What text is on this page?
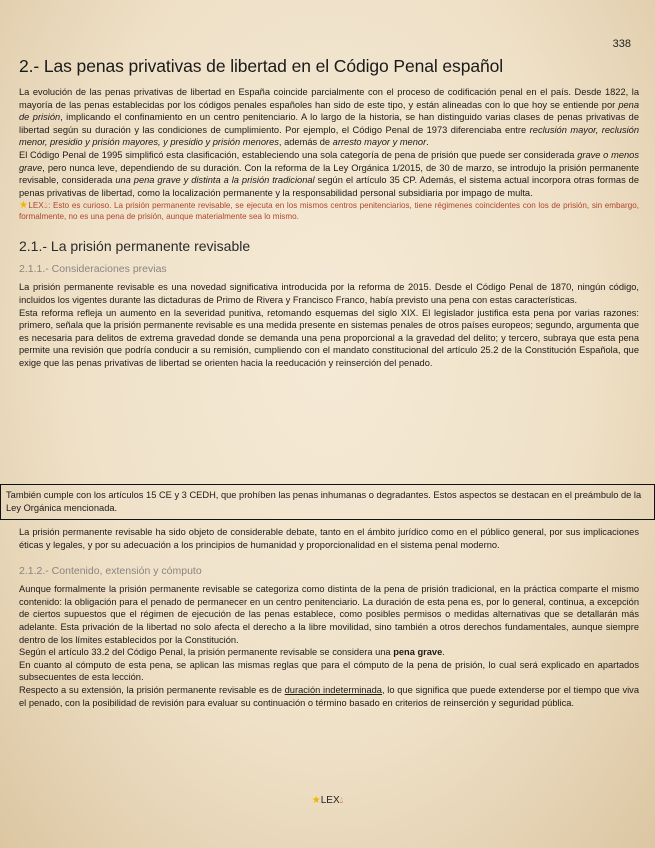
338
2.- Las penas privativas de libertad en el Código Penal español

La evolución de las penas privativas de libertad en España coincide parcialmente con el proceso de codificación penal en el país. Desde 1822, la mayoría de las penas establecidas por los códigos penales españoles han sido de este tipo, y están alineadas con lo que hoy se entiende por pena de prisión, implicando el confinamiento en un centro penitenciario. A lo largo de la historia, se han distinguido varias clases de penas privativas de libertad según su duración y las condiciones de cumplimiento. Por ejemplo, el Código Penal de 1973 diferenciaba entre reclusión mayor, reclusión menor, presidio y prisión mayores, y presidio y prisión menores, además de arresto mayor y menor.

El Código Penal de 1995 simplificó esta clasificación, estableciendo una sola categoría de pena de prisión que puede ser considerada grave o menos grave, pero nunca leve, dependiendo de su duración. Con la reforma de la Ley Orgánica 1/2015, de 30 de marzo, se introdujo la prisión permanente revisable, considerada una pena grave y distinta a la prisión tradicional según el artículo 35 CP. Además, el sistema actual incorpora otras formas de penas privativas de libertad, como la localización permanente y la responsabilidad personal subsidiaria por impago de multa.

★LEX💧︎: Esto es curioso. La prisión permanente revisable, se ejecuta en los mismos centros penitenciarios, tiene régimenes coincidentes con los de prisión, sin embargo, formalmente, no es una pena de prisión, aunque materialmente sea lo mismo.

2.1.- La prisión permanente revisable
2.1.1.- Consideraciones previas

La prisión permanente revisable es una novedad significativa introducida por la reforma de 2015. Desde el Código Penal de 1870, ningún código, incluidos los vigentes durante las dictaduras de Primo de Rivera y Francisco Franco, había previsto una pena con estas características.

Esta reforma refleja un aumento en la severidad punitiva, retomando esquemas del siglo XIX. El legislador justifica esta pena por varias razones: primero, señala que la prisión permanente revisable es una medida presente en sistemas penales de otros países europeos; segundo, argumenta que es necesaria para delitos de extrema gravedad donde se demanda una pena proporcional a la gravedad del delito; y tercero, subraya que esta pena permite una revisión que podría conducir a su remisión, cumpliendo con el mandato constitucional del artículo 25.2 de la Constitución Española, que exige que las penas privativas de libertad se orienten hacia la reeducación y reinserción del penado.

También cumple con los artículos 15 CE y 3 CEDH, que prohíben las penas inhumanas o degradantes. Estos aspectos se destacan en el preámbulo de la Ley Orgánica mencionada.

La prisión permanente revisable ha sido objeto de considerable debate, tanto en el ámbito jurídico como en el público general, por sus implicaciones éticas y legales, y por su adecuación a los principios de humanidad y proporcionalidad en el sistema penal moderno.

2.1.2.- Contenido, extensión y cómputo

Aunque formalmente la prisión permanente revisable se categoriza como distinta de la pena de prisión tradicional, en la práctica comparte el mismo contenido: la obligación para el penado de permanecer en un centro penitenciario. La duración de esta pena es, por lo general, continua, a excepción de ciertos supuestos que el régimen de ejecución de las penas establece, como posibles permisos o medidas alternativas que se detallarán más adelante. Esta privación de la libertad no solo afecta el derecho a la libre movilidad, sino también a otros derechos fundamentales, aunque siempre dentro de los límites establecidos por la Constitución.

Según el artículo 33.2 del Código Penal, la prisión permanente revisable se considera una pena grave.

En cuanto al cómputo de esta pena, se aplican las mismas reglas que para el cómputo de la pena de prisión, lo cual será explicado en apartados subsecuentes de esta lección.

Respecto a su extensión, la prisión permanente revisable es de duración indeterminada, lo que significa que puede extenderse por el tiempo que viva el penado, con la posibilidad de revisión para evaluar su continuación o término basado en criterios de reinserción y seguridad pública.

★LEX💧︎
